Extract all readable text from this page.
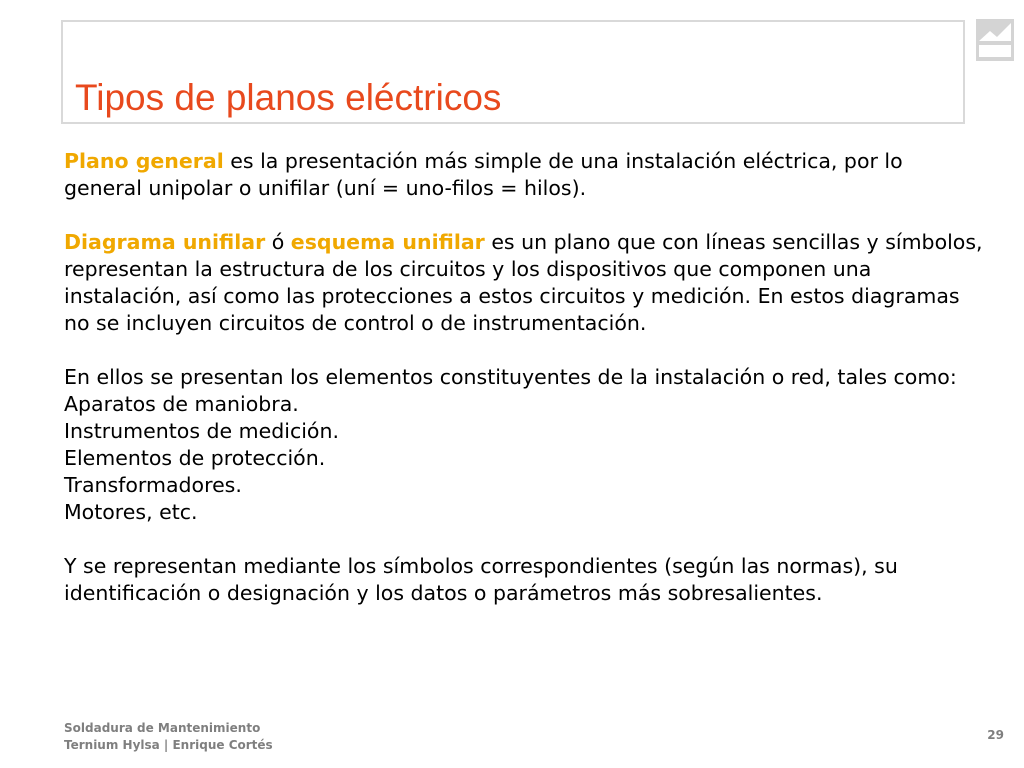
Tipos de planos eléctricos

Plano general es la presentación más simple de una instalación eléctrica, por lo general unipolar o unifilar (uní = uno-filos = hilos).

Diagrama unifilar ó esquema unifilar es un plano que con líneas sencillas y símbolos, representan la estructura de los circuitos y los dispositivos que componen una instalación, así como las protecciones a estos circuitos y medición. En estos diagramas no se incluyen circuitos de control o de instrumentación.

En ellos se presentan los elementos constituyentes de la instalación o red, tales como:

Aparatos de maniobra.

Instrumentos de medición.

Elementos de protección.

Transformadores.

Motores, etc.

Y se representan mediante los símbolos correspondientes (según las normas), su identificación o designación y los datos o parámetros más sobresalientes.

Soldadura de Mantenimiento
Ternium Hylsa | Enrique Cortés
29
